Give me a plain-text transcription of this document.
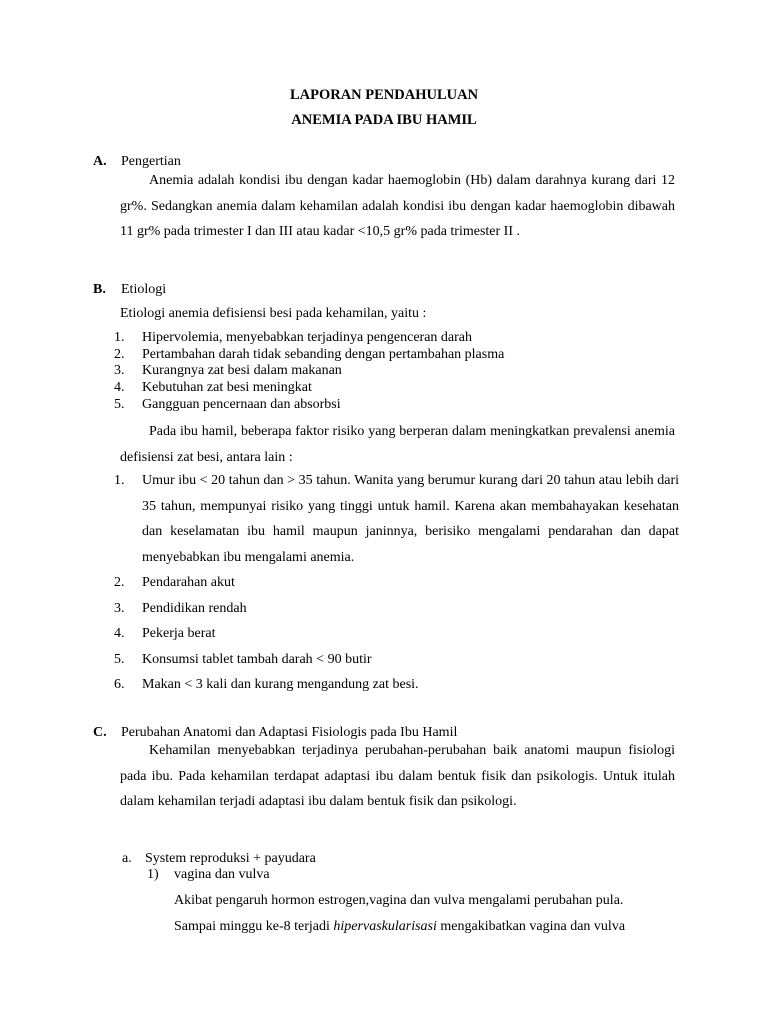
LAPORAN PENDAHULUAN
ANEMIA PADA IBU HAMIL
A. Pengertian
Anemia adalah kondisi ibu dengan kadar haemoglobin (Hb) dalam darahnya kurang dari 12 gr%. Sedangkan anemia dalam kehamilan adalah kondisi ibu dengan kadar haemoglobin dibawah 11 gr% pada trimester I dan III atau kadar <10,5 gr% pada trimester II .
B. Etiologi
Etiologi anemia defisiensi besi pada kehamilan, yaitu :
1. Hipervolemia, menyebabkan terjadinya pengenceran darah
2. Pertambahan darah tidak sebanding dengan pertambahan plasma
3. Kurangnya zat besi dalam makanan
4. Kebutuhan zat besi meningkat
5. Gangguan pencernaan dan absorbsi
Pada ibu hamil, beberapa faktor risiko yang berperan dalam meningkatkan prevalensi anemia defisiensi zat besi, antara lain :
1. Umur ibu < 20 tahun dan > 35 tahun. Wanita yang berumur kurang dari 20 tahun atau lebih dari 35 tahun, mempunyai risiko yang tinggi untuk hamil. Karena akan membahayakan kesehatan dan keselamatan ibu hamil maupun janinnya, berisiko mengalami pendarahan dan dapat menyebabkan ibu mengalami anemia.
2. Pendarahan akut
3. Pendidikan rendah
4. Pekerja berat
5. Konsumsi tablet tambah darah < 90 butir
6. Makan < 3 kali dan kurang mengandung zat besi.
C. Perubahan Anatomi dan Adaptasi Fisiologis pada Ibu Hamil
Kehamilan menyebabkan terjadinya perubahan-perubahan baik anatomi maupun fisiologi pada ibu. Pada kehamilan terdapat adaptasi ibu dalam bentuk fisik dan psikologis. Untuk itulah dalam kehamilan terjadi adaptasi ibu dalam bentuk fisik dan psikologi.
a. System reproduksi + payudara
1) vagina dan vulva
Akibat pengaruh hormon estrogen,vagina dan vulva mengalami perubahan pula.
Sampai minggu ke-8 terjadi hipervaskularisasi mengakibatkan vagina dan vulva
